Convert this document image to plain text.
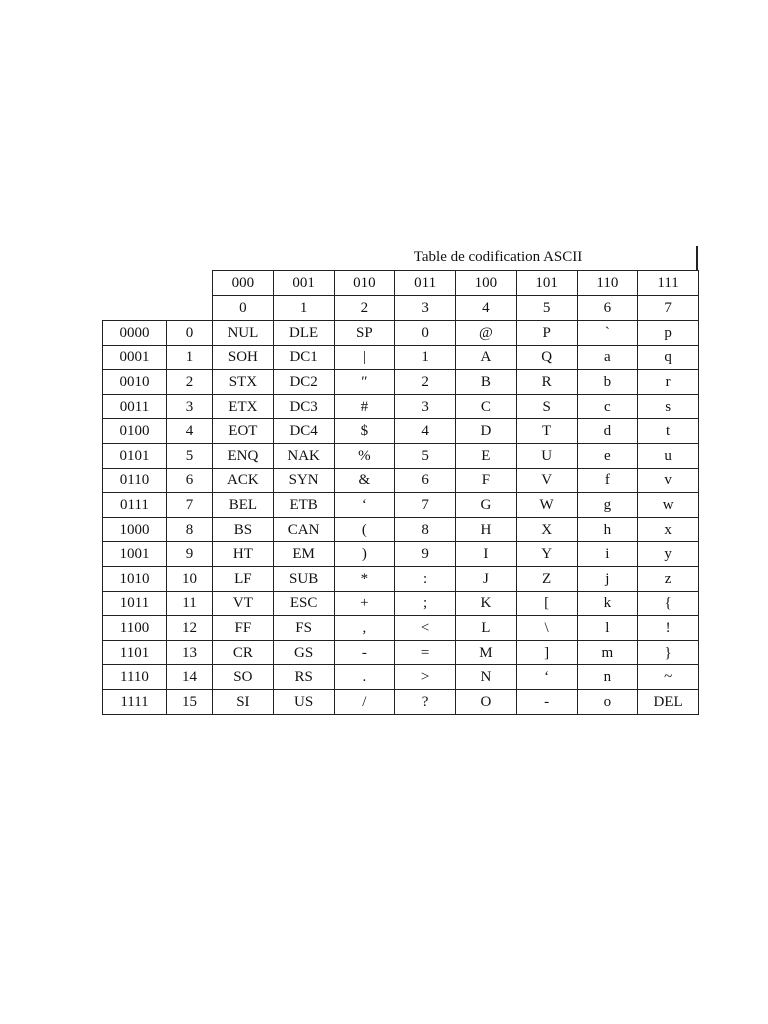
Table de codification ASCII
		000	001	010	011	100	101	110	111
		0	1	2	3	4	5	6	7
0000	0	NUL	DLE	SP	0	@	P	`	p
0001	1	SOH	DC1	|	1	A	Q	a	q
0010	2	STX	DC2	″	2	B	R	b	r
0011	3	ETX	DC3	#	3	C	S	c	s
0100	4	EOT	DC4	$	4	D	T	d	t
0101	5	ENQ	NAK	%	5	E	U	e	u
0110	6	ACK	SYN	&	6	F	V	f	v
0111	7	BEL	ETB	‘	7	G	W	g	w
1000	8	BS	CAN	(	8	H	X	h	x
1001	9	HT	EM	)	9	I	Y	i	y
1010	10	LF	SUB	*	:	J	Z	j	z
1011	11	VT	ESC	+	;	K	[	k	{
1100	12	FF	FS	,	<	L	\	l	!
1101	13	CR	GS	-	=	M	]	m	}
1110	14	SO	RS	.	>	N	‘	n	~
1111	15	SI	US	/	?	O	-	o	DEL
